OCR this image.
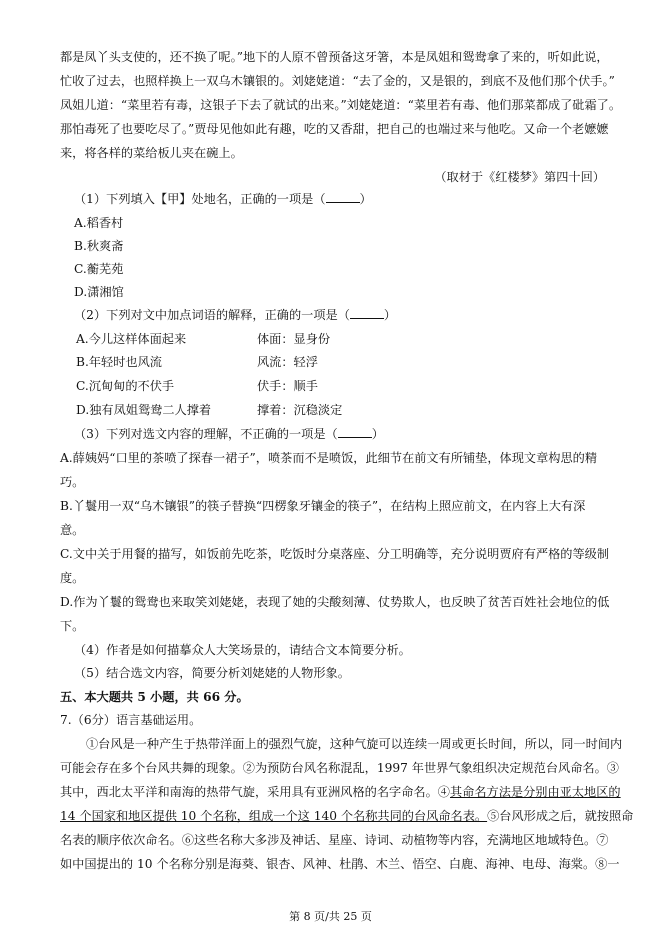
都是凤丫头支使的，还不换了呢。”地下的人原不曾预备这牙箸，本是凤姐和鸳鸯拿了来的，听如此说，
忙收了过去，也照样换上一双乌木镶银的。刘姥姥道：“去了金的，又是银的，到底不及他们那个伏手。”
凤姐儿道：“菜里若有毒，这银子下去了就试的出来。”刘姥姥道：“菜里若有毒、他们那菜都成了砒霜了。
那怕毒死了也要吃尽了。”贾母见他如此有趣，吃的又香甜，把自己的也端过来与他吃。又命一个老嬷嬷
来，将各样的菜给板儿夹在碗上。
（取材于《红楼梦》第四十回）
（1）下列填入【甲】处地名，正确的一项是（	）
A.稻香村
B.秋爽斋
C.蘅芜苑
D.潇湘馆
（2）下列对文中加点词语的解释，正确的一项是（	）
A.今儿这样体面起来	体面：显身份
B.年轻时也风流	风流：轻浮
C.沉甸甸的不伏手	伏手：顺手
D.独有凤姐鸳鸯二人撑着	撑着：沉稳淡定
（3）下列对选文内容的理解，不正确的一项是（	）
A.薛姨妈“口里的茶喷了探春一裙子”，喷茶而不是喷饭，此细节在前文有所铺垫，体现文章构思的精
巧。
B.丫鬟用一双“乌木镶银”的筷子替换“四楞象牙镶金的筷子”，在结构上照应前文，在内容上大有深
意。
C.文中关于用餐的描写，如饭前先吃茶，吃饭时分桌落座、分工明确等，充分说明贾府有严格的等级制
度。
D.作为丫鬟的鸳鸯也来取笑刘姥姥，表现了她的尖酸刻薄、仗势欺人，也反映了贫苦百姓社会地位的低
下。
（4）作者是如何描摹众人大笑场景的，请结合文本简要分析。
（5）结合选文内容，简要分析刘姥姥的人物形象。
五、本大题共 5 小题，共 66 分。
7.（6分）语言基础运用。
①台风是一种产生于热带洋面上的强烈气旋，这种气旋可以连续一周或更长时间，所以，同一时间内
可能会存在多个台风共舞的现象。②为预防台风名称混乱，1997 年世界气象组织决定规范台风命名。③
其中，西北太平洋和南海的热带气旋，采用具有亚洲风格的名字命名。④其命名方法是分别由亚太地区的
14 个国家和地区提供 10 个名称，组成一个这 140 个名称共同的台风命名表。⑤台风形成之后，就按照命
名表的顺序依次命名。⑥这些名称大多涉及神话、星座、诗词、动植物等内容，充满地区地域特色。⑦
如中国提出的 10 个名称分别是海葵、银杏、风神、杜鹃、木兰、悟空、白鹿、海神、电母、海棠。⑧一
第 8 页/共 25 页
